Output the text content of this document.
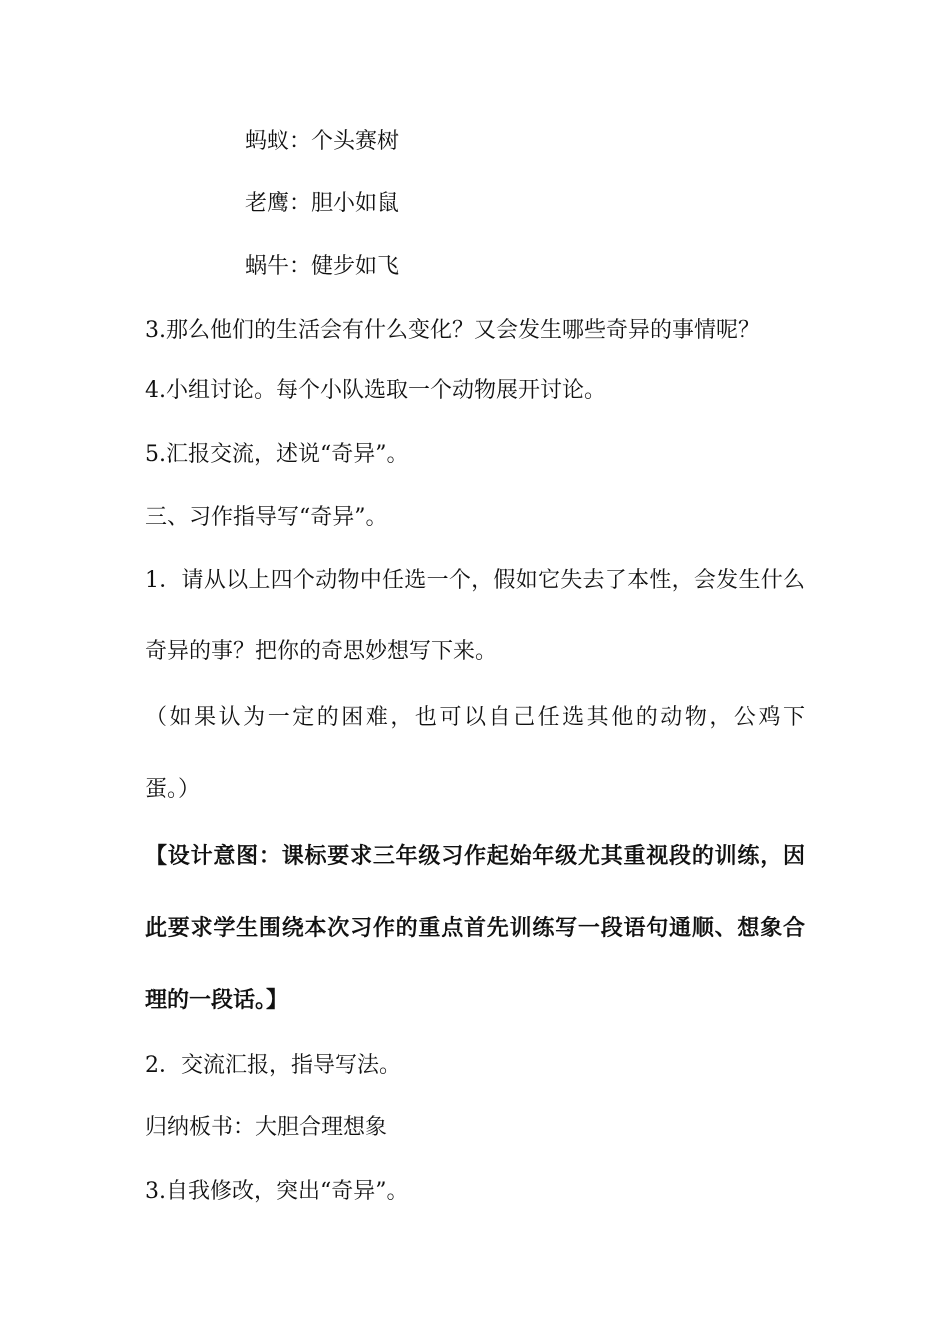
蚂蚁：个头赛树

老鹰：胆小如鼠

蜗牛：健步如飞

3.那么他们的生活会有什么变化？又会发生哪些奇异的事情呢？

4.小组讨论。每个小队选取一个动物展开讨论。

5.汇报交流，述说“奇异”。

三、习作指导写“奇异”。

1．请从以上四个动物中任选一个，假如它失去了本性，会发生什么

奇异的事？把你的奇思妙想写下来。

（如果认为一定的困难，也可以自己任选其他的动物，公鸡下

蛋。）

【设计意图：课标要求三年级习作起始年级尤其重视段的训练，因

此要求学生围绕本次习作的重点首先训练写一段语句通顺、想象合

理的一段话。】

2．交流汇报，指导写法。

归纳板书：大胆合理想象

3.自我修改，突出“奇异”。
